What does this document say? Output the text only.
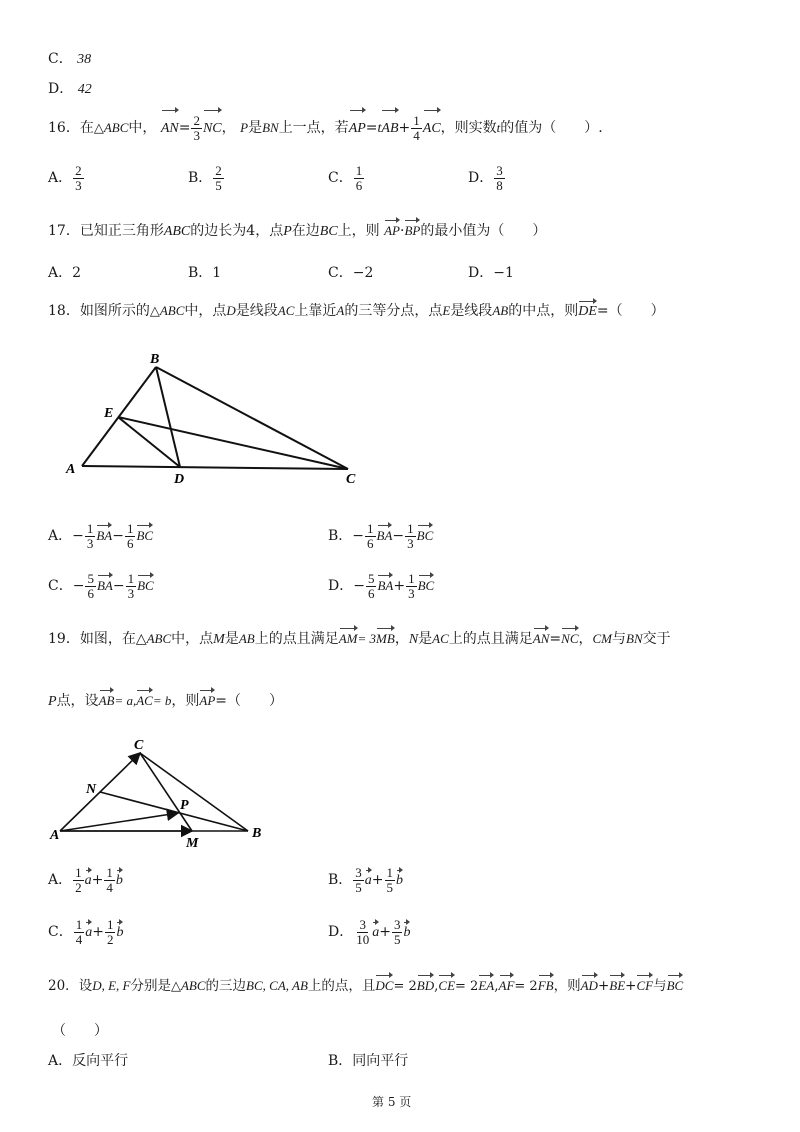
C． 38
D． 42
16．在△ABC中， $AN= \frac{2}{3}$ NC， P是BN上一点，若$AP=tAB+ \frac{1}{4}$ AC，则实数t的值为（　　）.
A． $\frac{2}{3}$	B． $\frac{2}{5}$	C． $\frac{1}{6}$	D． $\frac{3}{8}$
17．已知正三角形ABC的边长为4，点P在边BC上，则 AP·BP的最小值为（　　）
A．2	B．1	C．−2	D．−1
18．如图所示的△ABC中，点D是线段AC上靠近A的三等分点，点E是线段AB的中点，则DE=（　　）
B
E
A
D	C
A．− $\frac{1}{3} BA- \frac{1}{6}$ BC	B．− $\frac{1}{6} BA- \frac{1}{3}$ BC
C．− $\frac{5}{6} BA- \frac{1}{3}$ BC	D．− $\frac{5}{6} BA+ \frac{1}{3}$ BC
19．如图，在△ABC中，点M是AB上的点且满足AM= 3MB，N是AC上的点且满足AN=NC，CM与BN交于
P点，设AB= a,AC= b，则AP=（　　）
C
N
P
A
M
B
A． $\frac{1}{2} a+ \frac{1}{4}$ b	B． $\frac{3}{5} a+ \frac{1}{5}$ b
C． $\frac{1}{4} a+ \frac{1}{2}$ b	D． $\frac{3}{10} a+ \frac{3}{5}$ b
20．设D, E, F分别是△ABC的三边BC, CA, AB上的点，且DC= 2BD,CE= 2EA,AF= 2FB，则AD+BE+CF与BC
（　　）
A．反向平行	B．同向平行
第 5 页
